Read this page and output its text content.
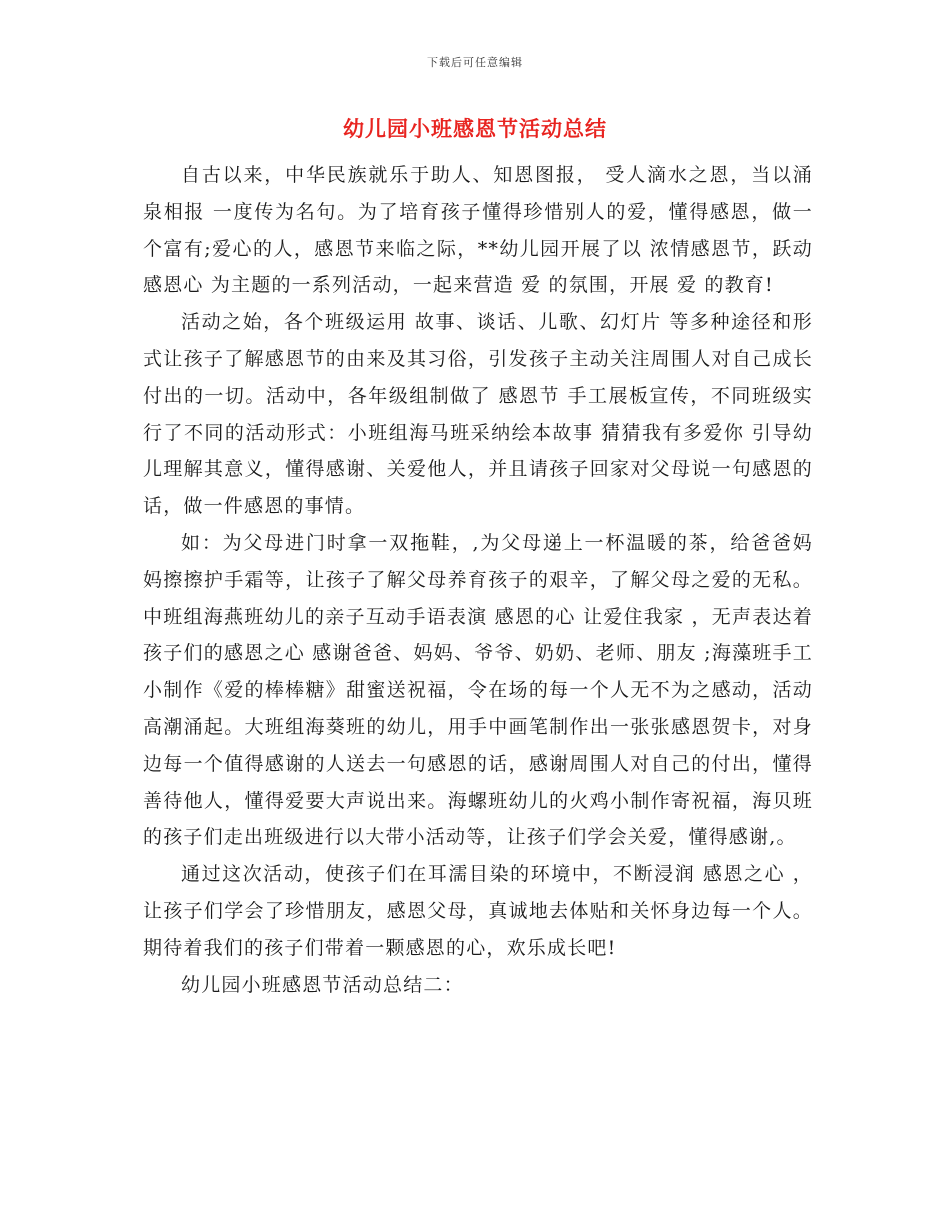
下载后可任意编辑
幼儿园小班感恩节活动总结

自古以来，中华民族就乐于助人、知恩图报， 受人滴水之恩，当以涌泉相报 一度传为名句。为了培育孩子懂得珍惜别人的爱，懂得感恩，做一个富有;爱心的人，感恩节来临之际，**幼儿园开展了以 浓情感恩节，跃动感恩心 为主题的一系列活动，一起来营造 爱 的氛围，开展 爱 的教育!

活动之始，各个班级运用 故事、谈话、儿歌、幻灯片 等多种途径和形式让孩子了解感恩节的由来及其习俗，引发孩子主动关注周围人对自己成长付出的一切。活动中，各年级组制做了 感恩节 手工展板宣传，不同班级实行了不同的活动形式：小班组海马班采纳绘本故事 猜猜我有多爱你 引导幼儿理解其意义，懂得感谢、关爱他人，并且请孩子回家对父母说一句感恩的话，做一件感恩的事情。

如：为父母进门时拿一双拖鞋，,为父母递上一杯温暖的茶，给爸爸妈妈擦擦护手霜等，让孩子了解父母养育孩子的艰辛，了解父母之爱的无私。中班组海燕班幼儿的亲子互动手语表演 感恩的心 让爱住我家 ，无声表达着孩子们的感恩之心 感谢爸爸、妈妈、爷爷、奶奶、老师、朋友 ;海藻班手工小制作《爱的棒棒糖》甜蜜送祝福，令在场的每一个人无不为之感动，活动高潮涌起。大班组海葵班的幼儿，用手中画笔制作出一张张感恩贺卡，对身边每一个值得感谢的人送去一句感恩的话，感谢周围人对自己的付出，懂得善待他人，懂得爱要大声说出来。海螺班幼儿的火鸡小制作寄祝福，海贝班的孩子们走出班级进行以大带小活动等，让孩子们学会关爱，懂得感谢,。

通过这次活动，使孩子们在耳濡目染的环境中，不断浸润 感恩之心 ，让孩子们学会了珍惜朋友，感恩父母，真诚地去体贴和关怀身边每一个人。期待着我们的孩子们带着一颗感恩的心，欢乐成长吧!

幼儿园小班感恩节活动总结二：
